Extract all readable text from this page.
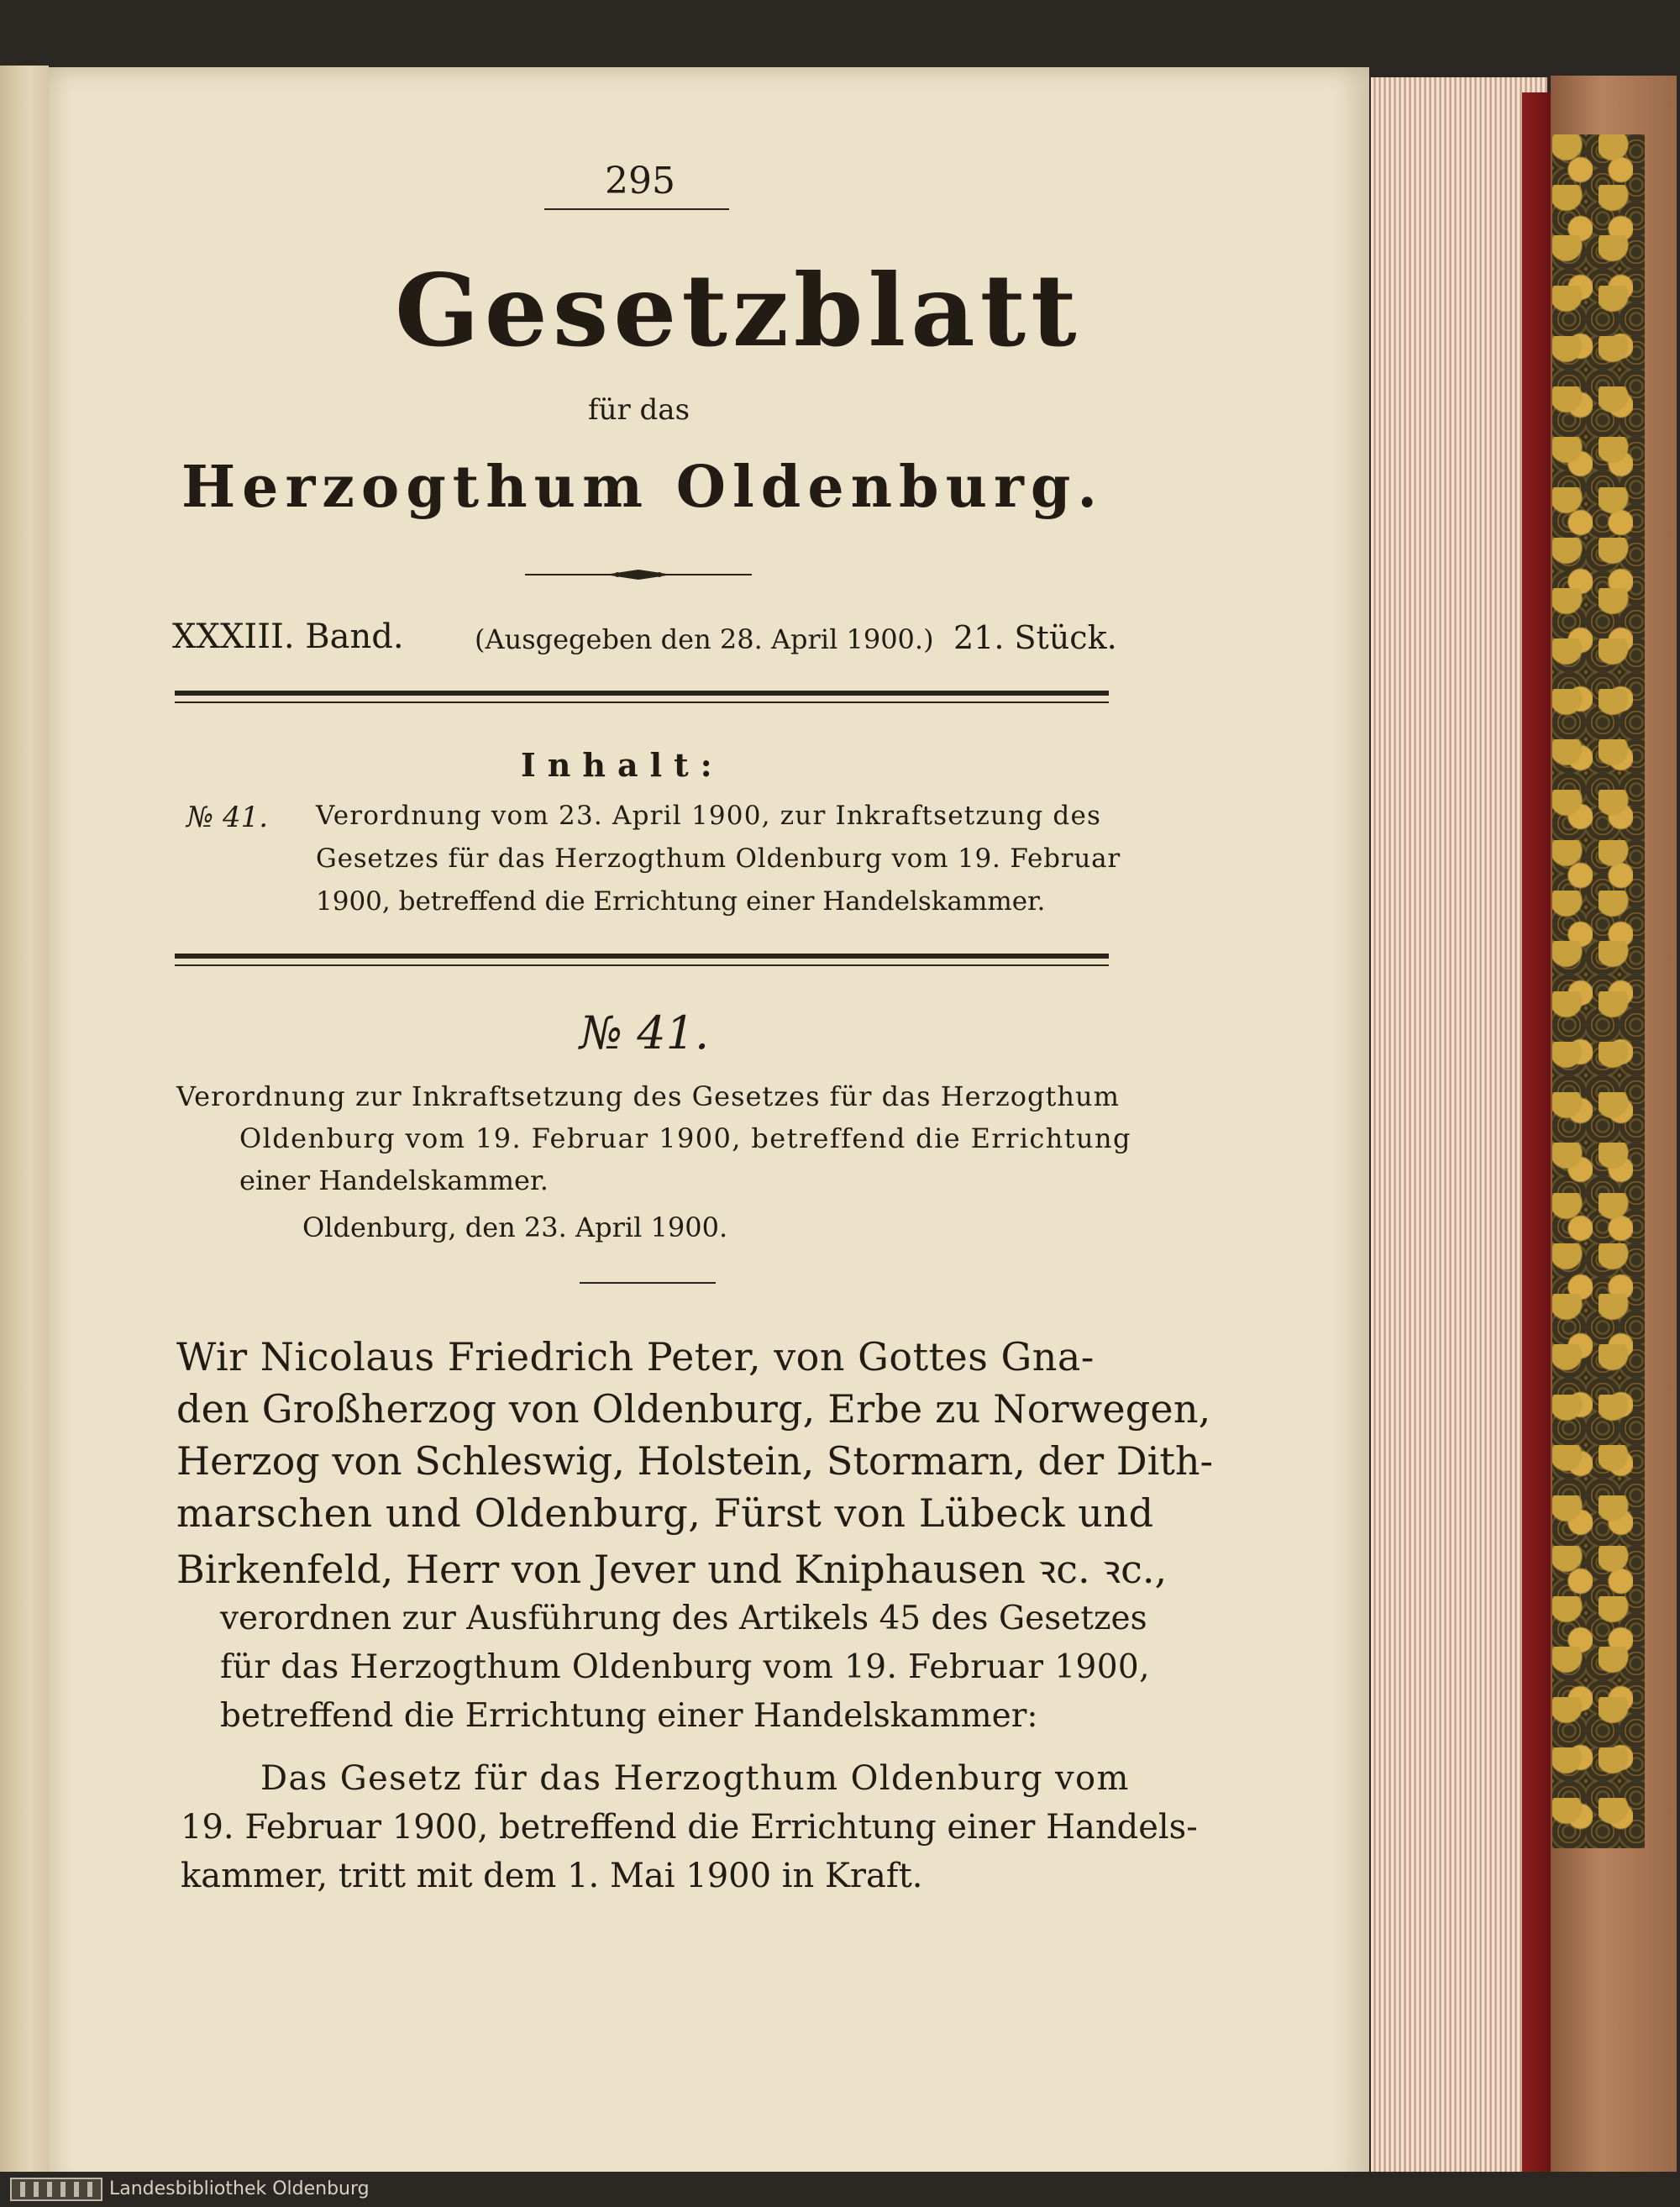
295
Gesetzblatt
für das
Herzogthum Oldenburg.
XXXIII. Band.	(Ausgegeben den 28. April 1900.) 21. Stück.
Inhalt:
№ 41. Verordnung vom 23. April 1900, zur Inkraftsetzung des
Gesetzes für das Herzogthum Oldenburg vom 19. Februar
1900, betreffend die Errichtung einer Handelskammer.
№ 41.
Verordnung zur Inkraftsetzung des Gesetzes für das Herzogthum
Oldenburg vom 19. Februar 1900, betreffend die Errichtung
einer Handelskammer.
Oldenburg, den 23. April 1900.
Wir Nicolaus Friedrich Peter, von Gottes Gna-
den Großherzog von Oldenburg, Erbe zu Norwegen,
Herzog von Schleswig, Holstein, Stormarn, der Dith-
marschen und Oldenburg, Fürst von Lübeck und
Birkenfeld, Herr von Jever und Kniphausen ꝛc. ꝛc.,
verordnen zur Ausführung des Artikels 45 des Gesetzes
für das Herzogthum Oldenburg vom 19. Februar 1900,
betreffend die Errichtung einer Handelskammer:
Das Gesetz für das Herzogthum Oldenburg vom
19. Februar 1900, betreffend die Errichtung einer Handels-
kammer, tritt mit dem 1. Mai 1900 in Kraft.
Landesbibliothek Oldenburg
